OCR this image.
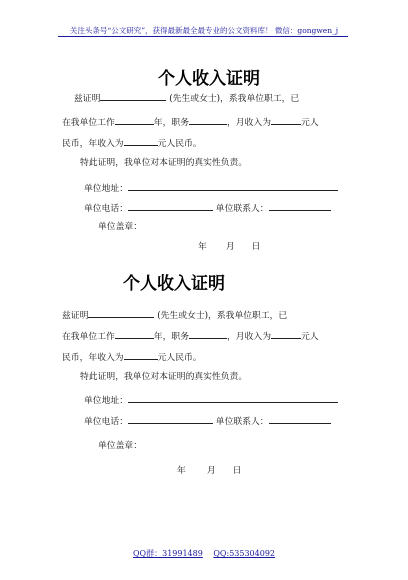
关注头条号“公文研究”，获得最新最全最专业的公文资料库！ 微信：gongwen_j
个人收入证明
兹证明	(先生或女士)，系我单位职工，已
在我单位工作	年，职务	，月收入为	元人
民币，年收入为	元人民币。
特此证明，我单位对本证明的真实性负责。
单位地址：
单位电话：	单位联系人：
单位盖章：
年 月 日
个人收入证明
兹证明	(先生或女士)，系我单位职工，已
在我单位工作	年，职务	，月收入为	元人
民币，年收入为	元人民币。
特此证明，我单位对本证明的真实性负责。
单位地址：
单位电话：	单位联系人：
单位盖章：
年 月 日
QQ群：31991489 QQ:535304092
